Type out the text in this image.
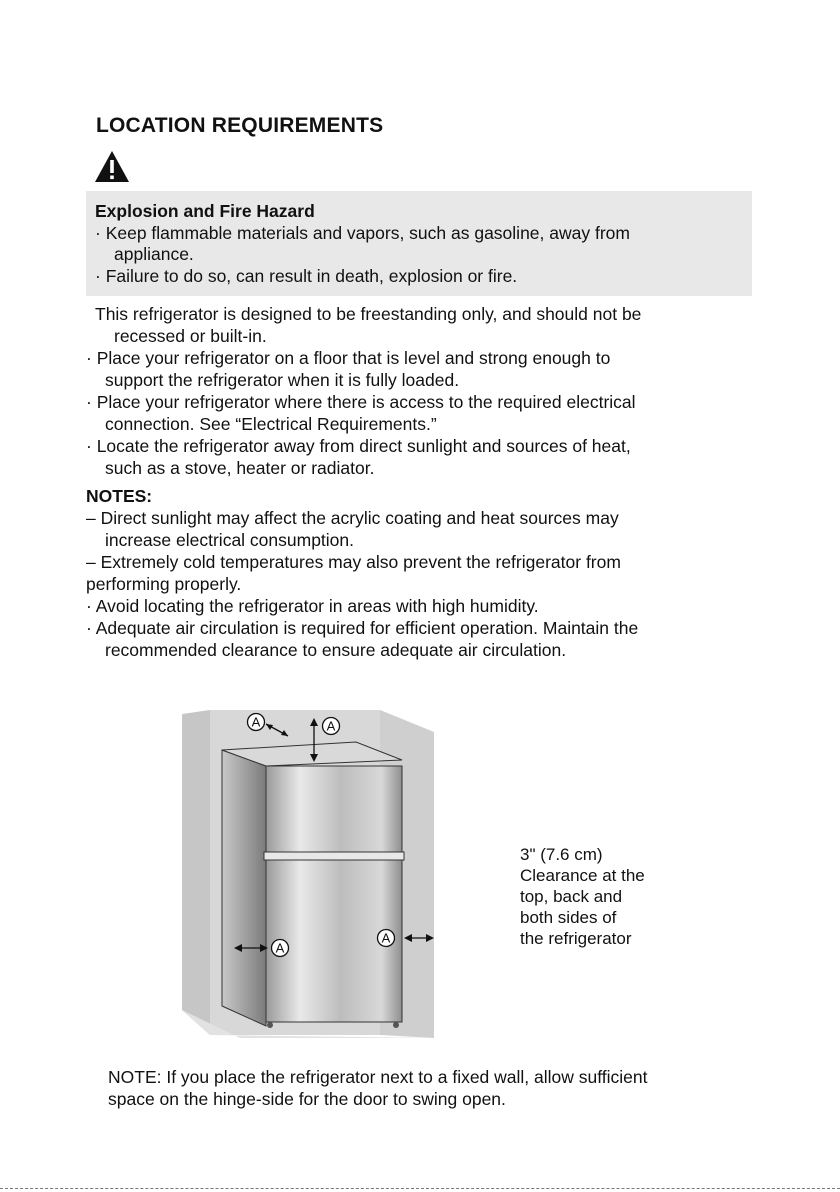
LOCATION REQUIREMENTS
Explosion and Fire Hazard
· Keep flammable materials and vapors, such as gasoline, away from
appliance.
· Failure to do so, can result in death, explosion or fire.
This refrigerator is designed to be freestanding only, and should not be
recessed or built-in.
· Place your refrigerator on a floor that is level and strong enough to
support the refrigerator when it is fully loaded.
· Place your refrigerator where there is access to the required electrical
connection. See “Electrical Requirements.”
· Locate the refrigerator away from direct sunlight and sources of heat,
such as a stove, heater or radiator.
NOTES:
– Direct sunlight may affect the acrylic coating and heat sources may
increase electrical consumption.
– Extremely cold temperatures may also prevent the refrigerator from
performing properly.
· Avoid locating the refrigerator in areas with high humidity.
· Adequate air circulation is required for efficient operation. Maintain the
recommended clearance to ensure adequate air circulation.
A	A
A
A
3" (7.6 cm)
Clearance at the
top, back and
both sides of
the refrigerator
NOTE: If you place the refrigerator next to a fixed wall, allow sufficient
space on the hinge-side for the door to swing open.
